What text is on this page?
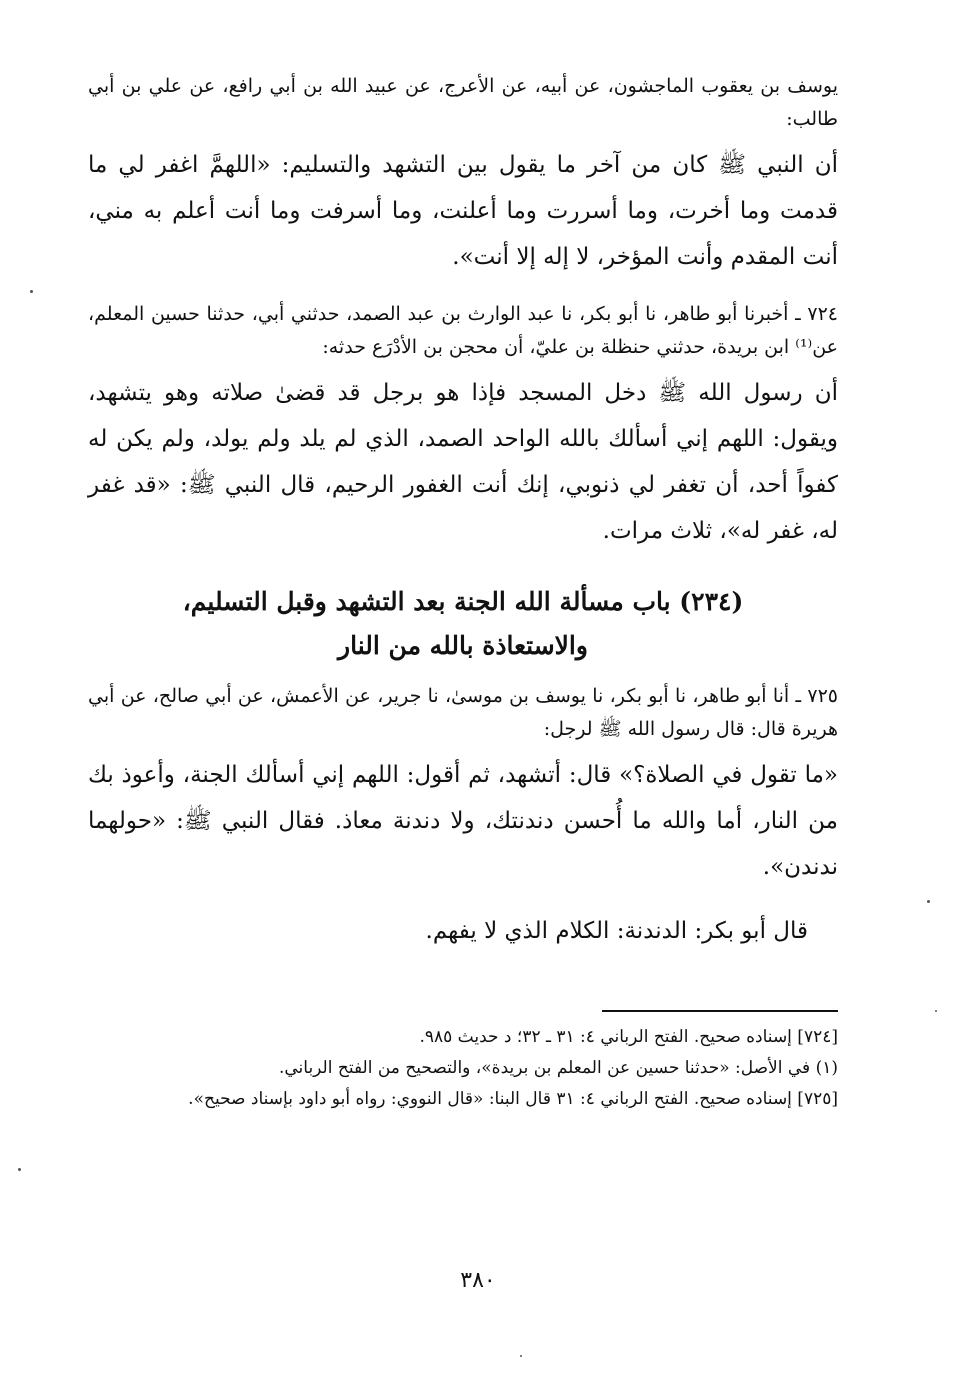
يوسف بن يعقوب الماجشون، عن أبيه، عن الأعرج، عن عبيد الله بن أبي رافع، عن علي بن أبي طالب:

أن النبي ﷺ كان من آخر ما يقول بين التشهد والتسليم: «اللهمَّ اغفر لي ما قدمت وما أخرت، وما أسررت وما أعلنت، وما أسرفت وما أنت أعلم به مني، أنت المقدم وأنت المؤخر، لا إله إلا أنت».

٧٢٤ ـ أخبرنا أبو طاهر، نا أبو بكر، نا عبد الوارث بن عبد الصمد، حدثني أبي، حدثنا حسين المعلم، عن⁽¹⁾ ابن بريدة، حدثني حنظلة بن عليّ، أن محجن بن الأدْرَع حدثه:

أن رسول الله ﷺ دخل المسجد فإذا هو برجل قد قضىٰ صلاته وهو يتشهد، ويقول: اللهم إني أسألك بالله الواحد الصمد، الذي لم يلد ولم يولد، ولم يكن له كفواً أحد، أن تغفر لي ذنوبي، إنك أنت الغفور الرحيم، قال النبي ﷺ: «قد غفر له، غفر له»، ثلاث مرات.

(٢٣٤) باب مسألة الله الجنة بعد التشهد وقبل التسليم،
والاستعاذة بالله من النار

٧٢٥ ـ أنا أبو طاهر، نا أبو بكر، نا يوسف بن موسىٰ، نا جرير، عن الأعمش، عن أبي صالح، عن أبي هريرة قال: قال رسول الله ﷺ لرجل:

«ما تقول في الصلاة؟» قال: أتشهد، ثم أقول: اللهم إني أسألك الجنة، وأعوذ بك من النار، أما والله ما أُحسن دندنتك، ولا دندنة معاذ. فقال النبي ﷺ: «حولهما ندندن».

قال أبو بكر: الدندنة: الكلام الذي لا يفهم.

[٧٢٤] إسناده صحيح. الفتح الرباني ٤: ٣١ ـ ٣٢؛ د حديث ٩٨٥.

(١) في الأصل: «حدثنا حسين عن المعلم بن بريدة»، والتصحيح من الفتح الرباني.

[٧٢٥] إسناده صحيح. الفتح الرباني ٤: ٣١ قال البنا: «قال النووي: رواه أبو داود بإسناد صحيح».

٣٨٠
